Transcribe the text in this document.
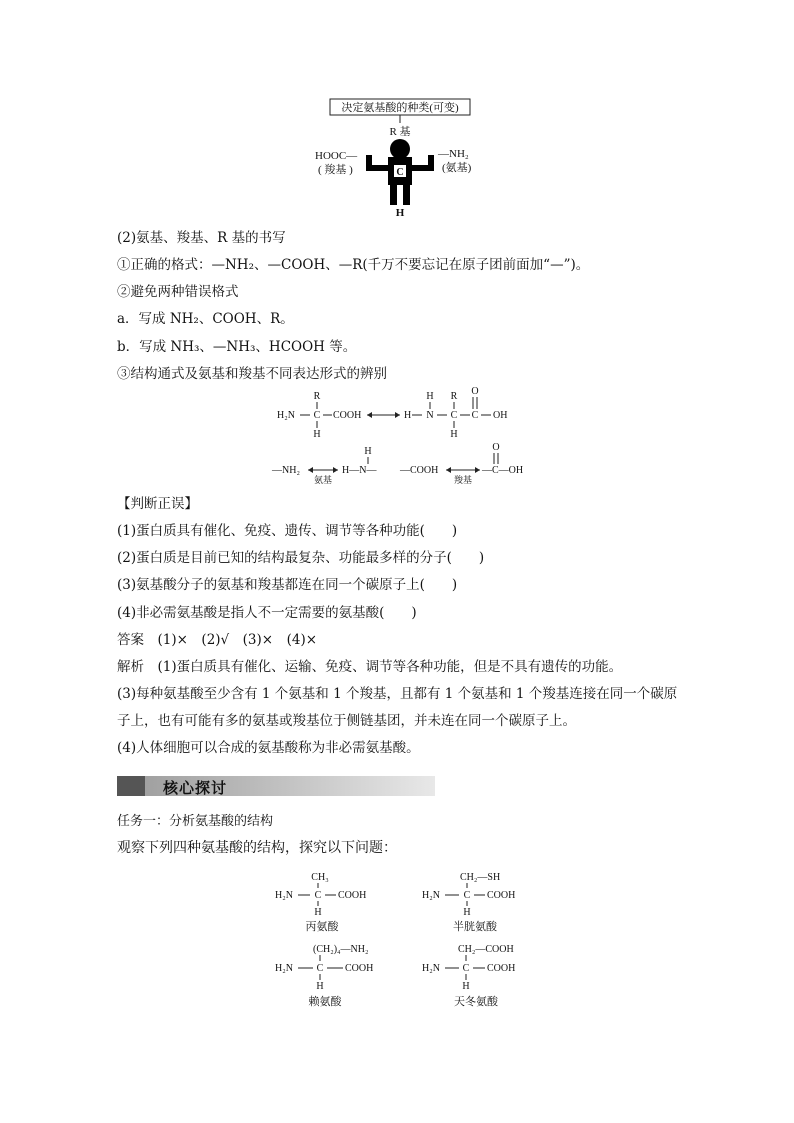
决定氨基酸的种类(可变)
R 基
C
H
HOOC—
( 羧基 )
—NH₂
(氨基)
(2)氨基、羧基、R 基的书写
①正确的格式：—NH₂、—COOH、—R(千万不要忘记在原子团前面加“—”)。
②避免两种错误格式
a．写成 NH₂、COOH、R。
b．写成 NH₃、—NH₃、HCOOH 等。
③结构通式及氨基和羧基不同表达形式的辨别
R
H₂N C COOH
H
H
H
N
R
C
H
O
C OH
—NH₂
氨基
H
H—N— —COOH
羧基
O
—C—OH
【判断正误】
(1)蛋白质具有催化、免疫、遗传、调节等各种功能(　　)
(2)蛋白质是目前已知的结构最复杂、功能最多样的分子(　　)
(3)氨基酸分子的氨基和羧基都连在同一个碳原子上(　　)
(4)非必需氨基酸是指人不一定需要的氨基酸(　　)
答案　(1)×　(2)√　(3)×　(4)×
解析　(1)蛋白质具有催化、运输、免疫、调节等各种功能，但是不具有遗传的功能。
(3)每种氨基酸至少含有 1 个氨基和 1 个羧基，且都有 1 个氨基和 1 个羧基连接在同一个碳原
子上，也有可能有多的氨基或羧基位于侧链基团，并未连在同一个碳原子上。
(4)人体细胞可以合成的氨基酸称为非必需氨基酸。
核心探讨
任务一：分析氨基酸的结构
观察下列四种氨基酸的结构，探究以下问题：
CH₃
H₂N C COOH
H
丙氨酸
CH₂—SH
H₂N C COOH
H
半胱氨酸
(CH₂)₄—NH₂
H₂N C COOH
H
赖氨酸
CH₂—COOH
H₂N C COOH
H
天冬氨酸
